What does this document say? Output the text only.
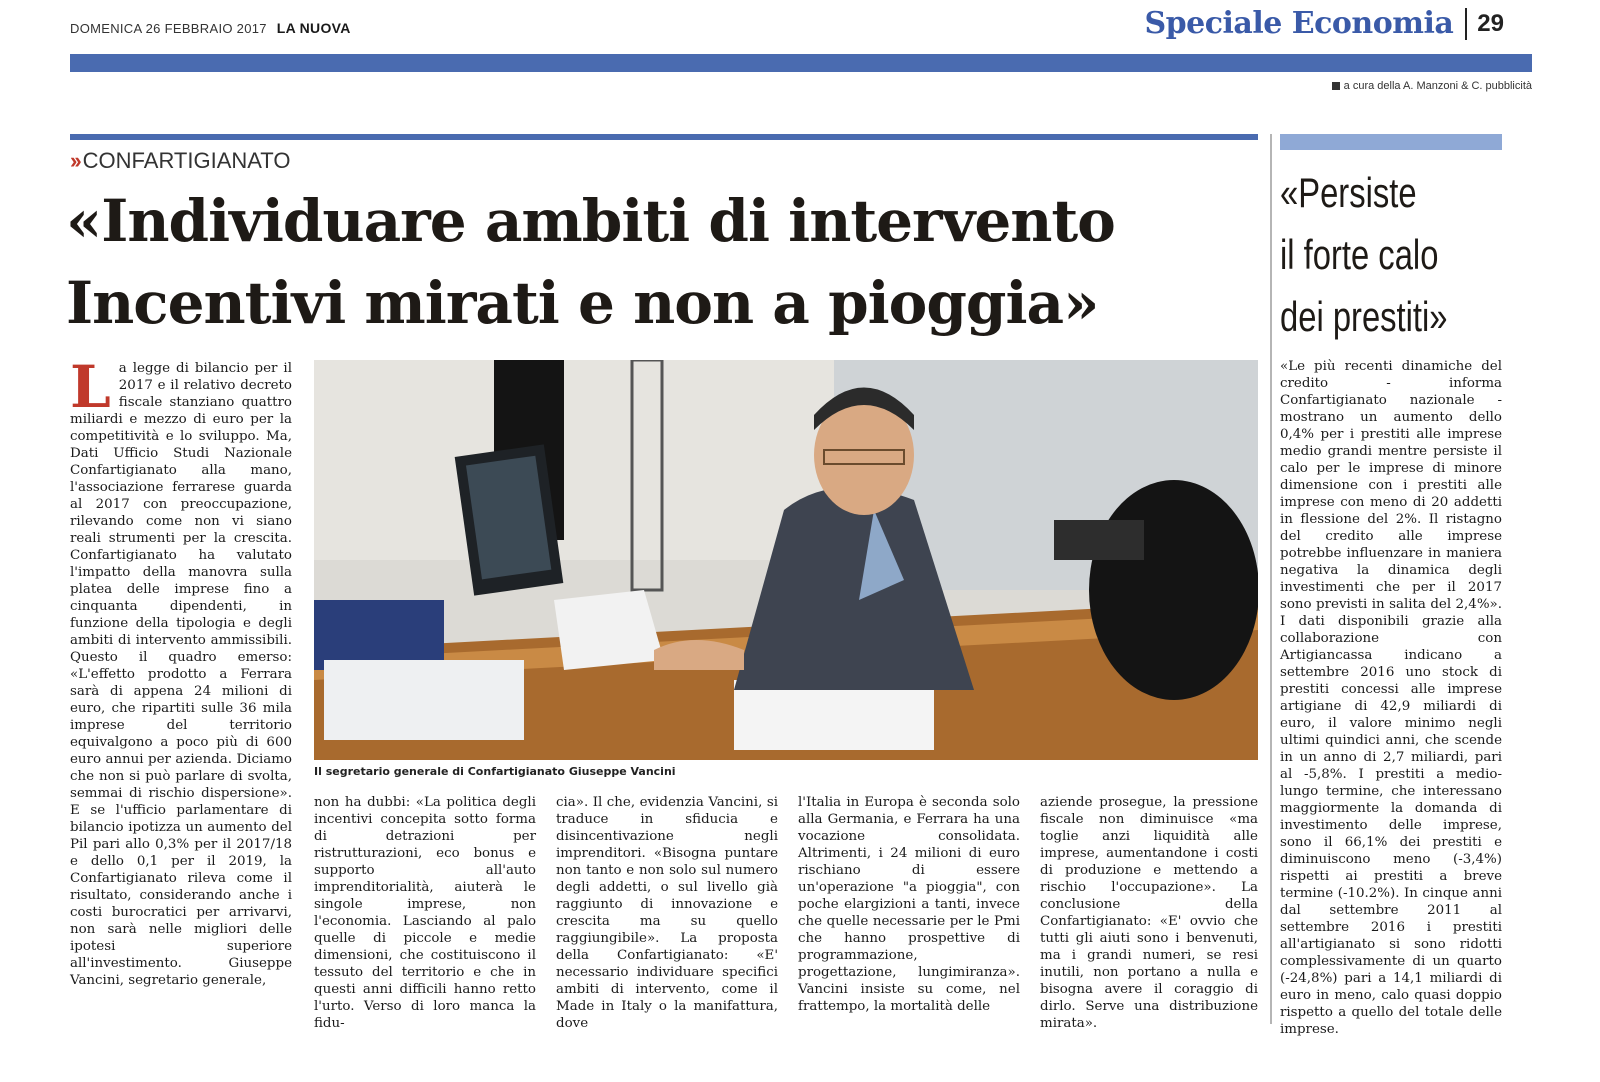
DOMENICA 26 FEBBRAIO 2017 LA NUOVA	Speciale Economia 29
a cura della A. Manzoni & C. pubblicità
›› CONFARTIGIANATO
«Individuare ambiti di intervento
Incentivi mirati e non a pioggia»
Il segretario generale di Confartigianato Giuseppe Vancini
L a legge di bilancio per il 2017 e il relativo decreto fiscale stanziano quattro miliardi e mezzo di euro per la competitività e lo sviluppo. Ma, Dati Ufficio Studi Nazionale Confartigianato alla mano, l'associazione ferrarese guarda al 2017 con preoccupazione, rilevando come non vi siano reali strumenti per la crescita. Confartigianato ha valutato l'impatto della manovra sulla platea delle imprese fino a cinquanta dipendenti, in funzione della tipologia e degli ambiti di intervento ammissibili. Questo il quadro emerso: «L'effetto prodotto a Ferrara sarà di appena 24 milioni di euro, che ripartiti sulle 36 mila imprese del territorio equivalgono a poco più di 600 euro annui per azienda. Diciamo che non si può parlare di svolta, semmai di rischio dispersione». E se l'ufficio parlamentare di bilancio ipotizza un aumento del Pil pari allo 0,3% per il 2017/18 e dello 0,1 per il 2019, la Confartigianato rileva come il risultato, considerando anche i costi burocratici per arrivarvi, non sarà nelle migliori delle ipotesi superiore all'investimento. Giuseppe Vancini, segretario generale,

non ha dubbi: «La politica degli incentivi concepita sotto forma di detrazioni per ristrutturazioni, eco bonus e supporto all'auto imprenditorialità, aiuterà le singole imprese, non l'economia. Lasciando al palo quelle di piccole e medie dimensioni, che costituiscono il tessuto del territorio e che in questi anni difficili hanno retto l'urto. Verso di loro manca la fidu-

cia». Il che, evidenzia Vancini, si traduce in sfiducia e disincentivazione negli imprenditori. «Bisogna puntare non tanto e non solo sul numero degli addetti, o sul livello già raggiunto di innovazione e crescita ma su quello raggiungibile». La proposta della Confartigianato: «E' necessario individuare specifici ambiti di intervento, come il Made in Italy o la manifattura, dove

l'Italia in Europa è seconda solo alla Germania, e Ferrara ha una vocazione consolidata. Altrimenti, i 24 milioni di euro rischiano di essere un'operazione "a pioggia", con poche elargizioni a tanti, invece che quelle necessarie per le Pmi che hanno prospettive di programmazione, progettazione, lungimiranza». Vancini insiste su come, nel frattempo, la mortalità delle

aziende prosegue, la pressione fiscale non diminuisce «ma toglie anzi liquidità alle imprese, aumentandone i costi di produzione e mettendo a rischio l'occupazione». La conclusione della Confartigianato: «E' ovvio che tutti gli aiuti sono i benvenuti, ma i grandi numeri, se resi inutili, non portano a nulla e bisogna avere il coraggio di dirlo. Serve una distribuzione mirata».

«Persiste
il forte calo
dei prestiti»

«Le più recenti dinamiche del credito - informa Confartigianato nazionale - mostrano un aumento dello 0,4% per i prestiti alle imprese medio grandi mentre persiste il calo per le imprese di minore dimensione con i prestiti alle imprese con meno di 20 addetti in flessione del 2%. Il ristagno del credito alle imprese potrebbe influenzare in maniera negativa la dinamica degli investimenti che per il 2017 sono previsti in salita del 2,4%». I dati disponibili grazie alla collaborazione con Artigiancassa indicano a settembre 2016 uno stock di prestiti concessi alle imprese artigiane di 42,9 miliardi di euro, il valore minimo negli ultimi quindici anni, che scende in un anno di 2,7 miliardi, pari al -5,8%. I prestiti a medio-lungo termine, che interessano maggiormente la domanda di investimento delle imprese, sono il 66,1% dei prestiti e diminuiscono meno (-3,4%) rispetti ai prestiti a breve termine (-10.2%). In cinque anni dal settembre 2011 al settembre 2016 i prestiti all'artigianato si sono ridotti complessivamente di un quarto (-24,8%) pari a 14,1 miliardi di euro in meno, calo quasi doppio rispetto a quello del totale delle imprese.
